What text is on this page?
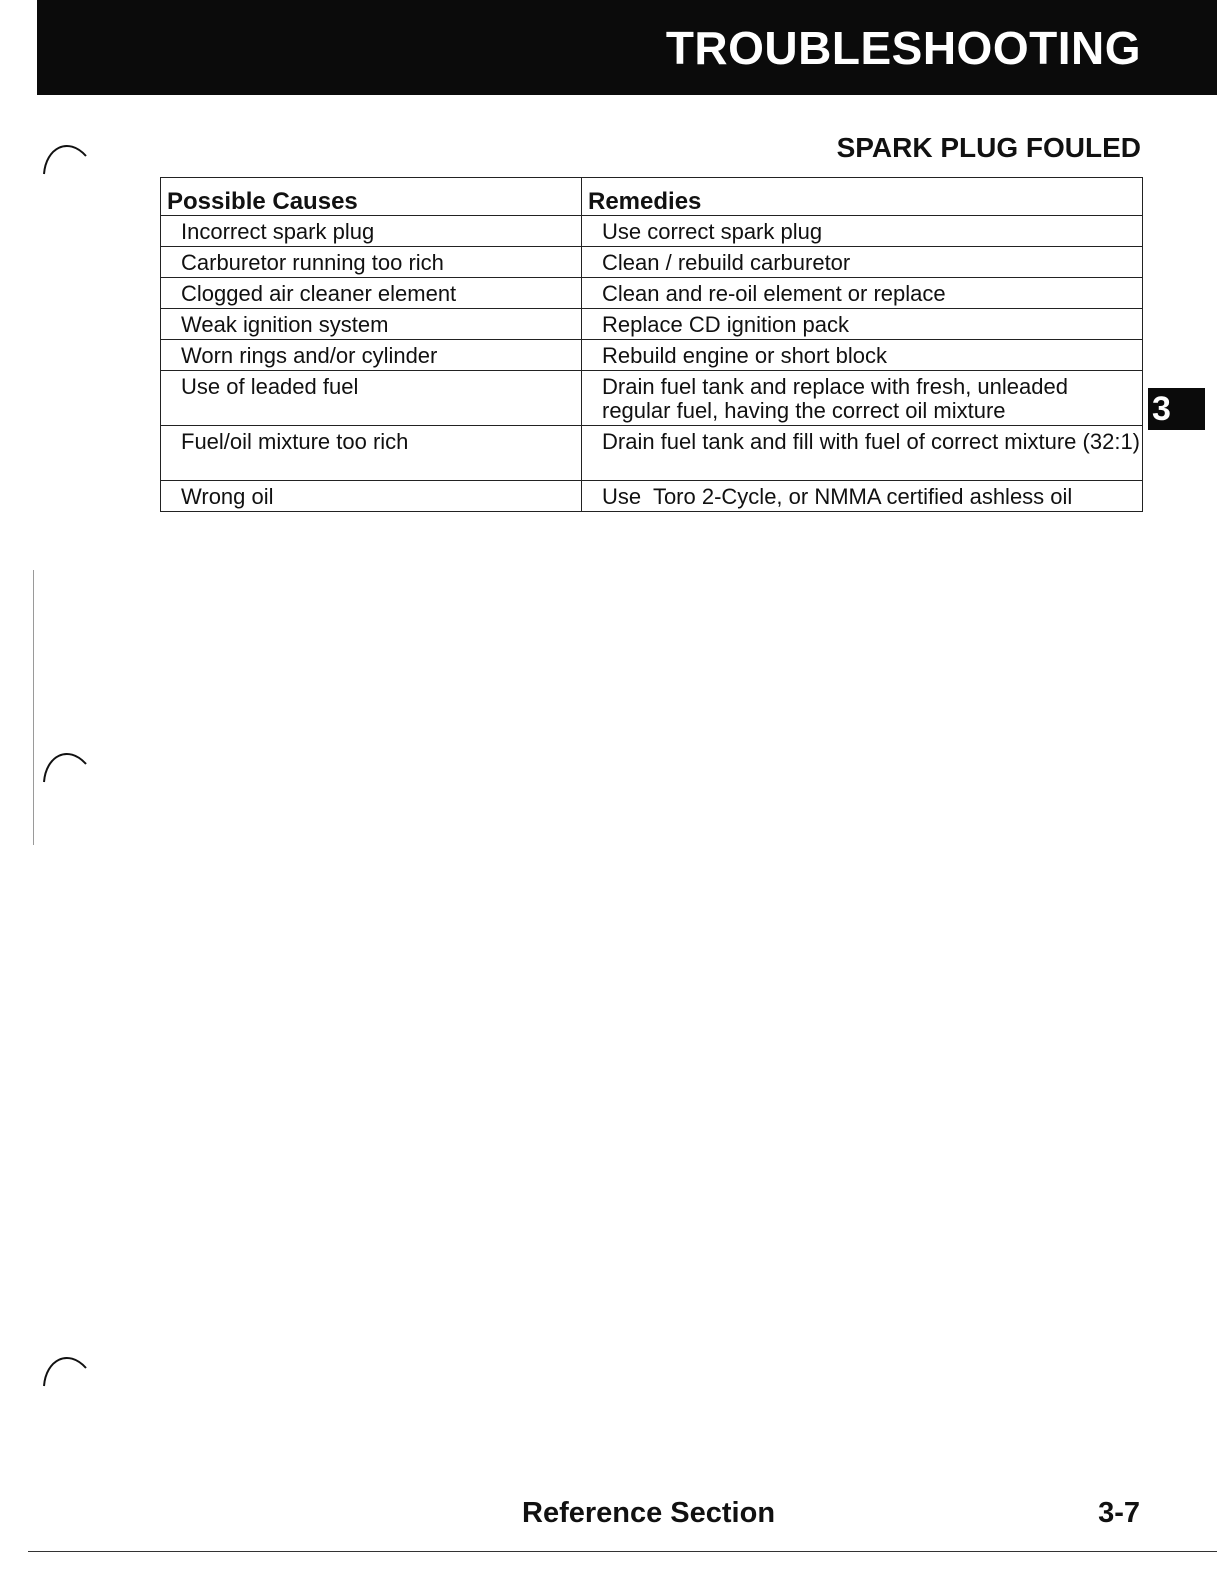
TROUBLESHOOTING
SPARK PLUG FOULED
Possible Causes	Remedies
Incorrect spark plug	Use correct spark plug
Carburetor running too rich	Clean / rebuild carburetor
Clogged air cleaner element	Clean and re-oil element or replace
Weak ignition system	Replace CD ignition pack
Worn rings and/or cylinder	Rebuild engine or short block
Use of leaded fuel	Drain fuel tank and replace with fresh, unleaded regular fuel, having the correct oil mixture
Fuel/oil mixture too rich	Drain fuel tank and fill with fuel of correct mixture (32:1)
Wrong oil	Use  Toro 2-Cycle, or NMMA certified ashless oil
3
Reference Section	3-7
